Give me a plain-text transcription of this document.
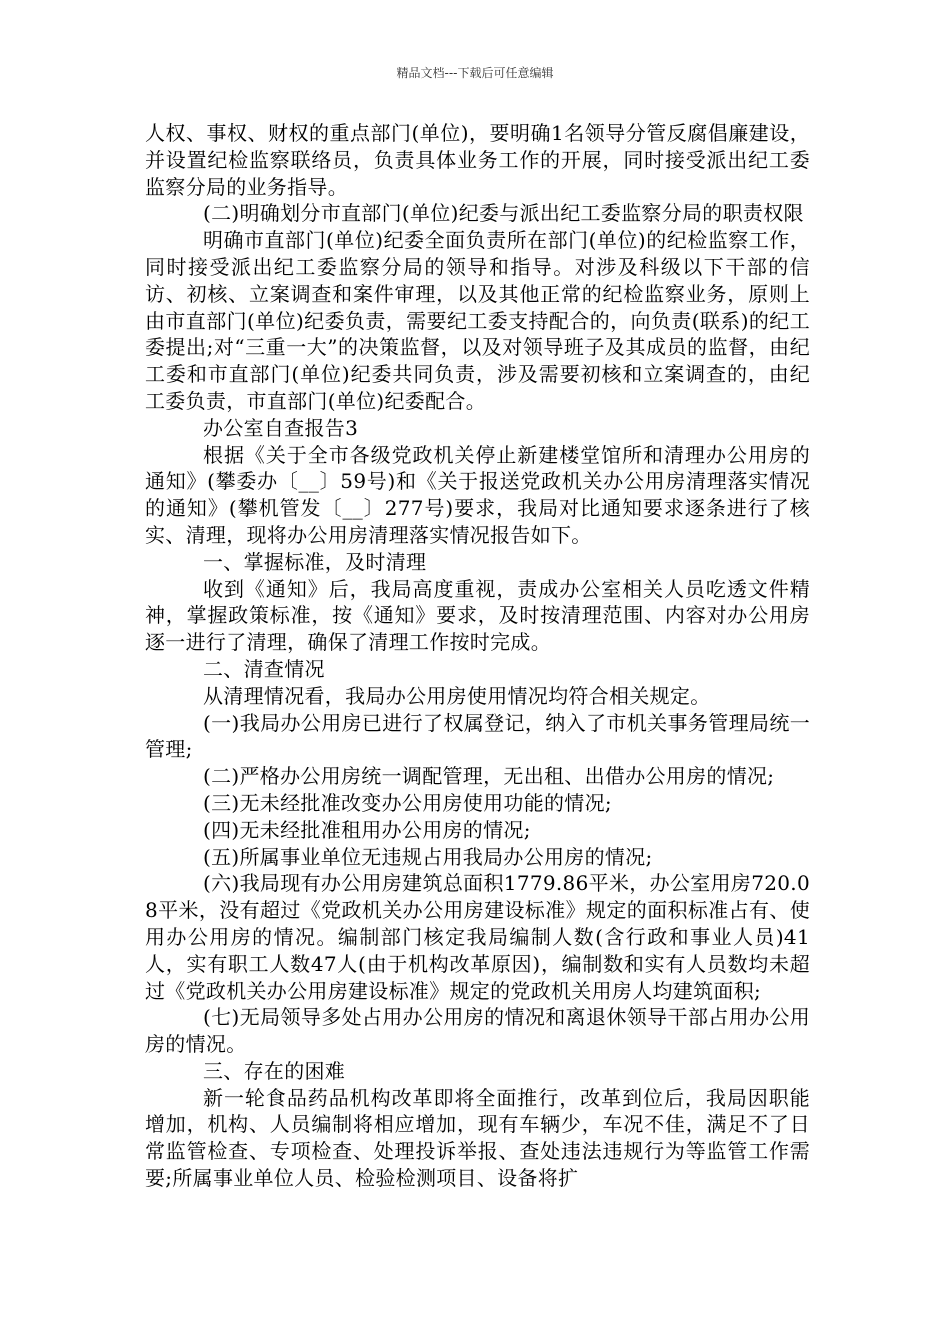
精品文档---下载后可任意编辑

人权、事权、财权的重点部门(单位)，要明确1名领导分管反腐倡廉建设，并设置纪检监察联络员，负责具体业务工作的开展，同时接受派出纪工委监察分局的业务指导。

(二)明确划分市直部门(单位)纪委与派出纪工委监察分局的职责权限

明确市直部门(单位)纪委全面负责所在部门(单位)的纪检监察工作，同时接受派出纪工委监察分局的领导和指导。对涉及科级以下干部的信访、初核、立案调查和案件审理，以及其他正常的纪检监察业务，原则上由市直部门(单位)纪委负责，需要纪工委支持配合的，向负责(联系)的纪工委提出;对“三重一大”的决策监督，以及对领导班子及其成员的监督，由纪工委和市直部门(单位)纪委共同负责，涉及需要初核和立案调查的，由纪工委负责，市直部门(单位)纪委配合。

办公室自查报告3

根据《关于全市各级党政机关停止新建楼堂馆所和清理办公用房的通知》(攀委办〔__〕59号)和《关于报送党政机关办公用房清理落实情况的通知》(攀机管发〔__〕277号)要求，我局对比通知要求逐条进行了核实、清理，现将办公用房清理落实情况报告如下。

一、掌握标准，及时清理

收到《通知》后，我局高度重视，责成办公室相关人员吃透文件精神，掌握政策标准，按《通知》要求，及时按清理范围、内容对办公用房逐一进行了清理，确保了清理工作按时完成。

二、清查情况

从清理情况看，我局办公用房使用情况均符合相关规定。

(一)我局办公用房已进行了权属登记，纳入了市机关事务管理局统一管理;

(二)严格办公用房统一调配管理，无出租、出借办公用房的情况;

(三)无未经批准改变办公用房使用功能的情况;

(四)无未经批准租用办公用房的情况;

(五)所属事业单位无违规占用我局办公用房的情况;

(六)我局现有办公用房建筑总面积1779.86平米，办公室用房720.08平米，没有超过《党政机关办公用房建设标准》规定的面积标准占有、使用办公用房的情况。编制部门核定我局编制人数(含行政和事业人员)41人，实有职工人数47人(由于机构改革原因)，编制数和实有人员数均未超过《党政机关办公用房建设标准》规定的党政机关用房人均建筑面积;

(七)无局领导多处占用办公用房的情况和离退休领导干部占用办公用房的情况。

三、存在的困难

新一轮食品药品机构改革即将全面推行，改革到位后，我局因职能增加，机构、人员编制将相应增加，现有车辆少，车况不佳，满足不了日常监管检查、专项检查、处理投诉举报、查处违法违规行为等监管工作需要;所属事业单位人员、检验检测项目、设备将扩
